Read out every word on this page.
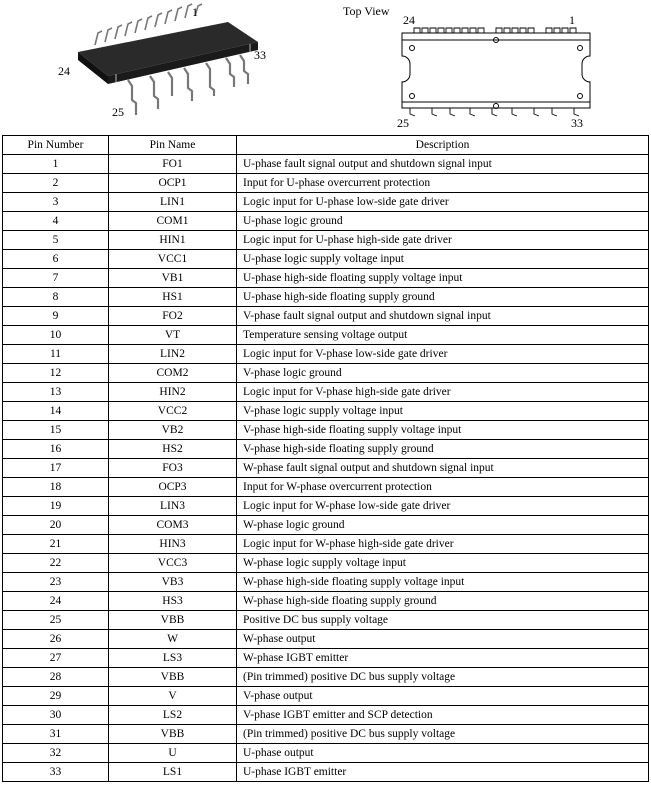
1
24
33
25
Top View
24	1
25	33
Pin Number	Pin Name	Description
1	FO1	U-phase fault signal output and shutdown signal input
2	OCP1	Input for U-phase overcurrent protection
3	LIN1	Logic input for U-phase low-side gate driver
4	COM1	U-phase logic ground
5	HIN1	Logic input for U-phase high-side gate driver
6	VCC1	U-phase logic supply voltage input
7	VB1	U-phase high-side floating supply voltage input
8	HS1	U-phase high-side floating supply ground
9	FO2	V-phase fault signal output and shutdown signal input
10	VT	Temperature sensing voltage output
11	LIN2	Logic input for V-phase low-side gate driver
12	COM2	V-phase logic ground
13	HIN2	Logic input for V-phase high-side gate driver
14	VCC2	V-phase logic supply voltage input
15	VB2	V-phase high-side floating supply voltage input
16	HS2	V-phase high-side floating supply ground
17	FO3	W-phase fault signal output and shutdown signal input
18	OCP3	Input for W-phase overcurrent protection
19	LIN3	Logic input for W-phase low-side gate driver
20	COM3	W-phase logic ground
21	HIN3	Logic input for W-phase high-side gate driver
22	VCC3	W-phase logic supply voltage input
23	VB3	W-phase high-side floating supply voltage input
24	HS3	W-phase high-side floating supply ground
25	VBB	Positive DC bus supply voltage
26	W	W-phase output
27	LS3	W-phase IGBT emitter
28	VBB	(Pin trimmed) positive DC bus supply voltage
29	V	V-phase output
30	LS2	V-phase IGBT emitter and SCP detection
31	VBB	(Pin trimmed) positive DC bus supply voltage
32	U	U-phase output
33	LS1	U-phase IGBT emitter
